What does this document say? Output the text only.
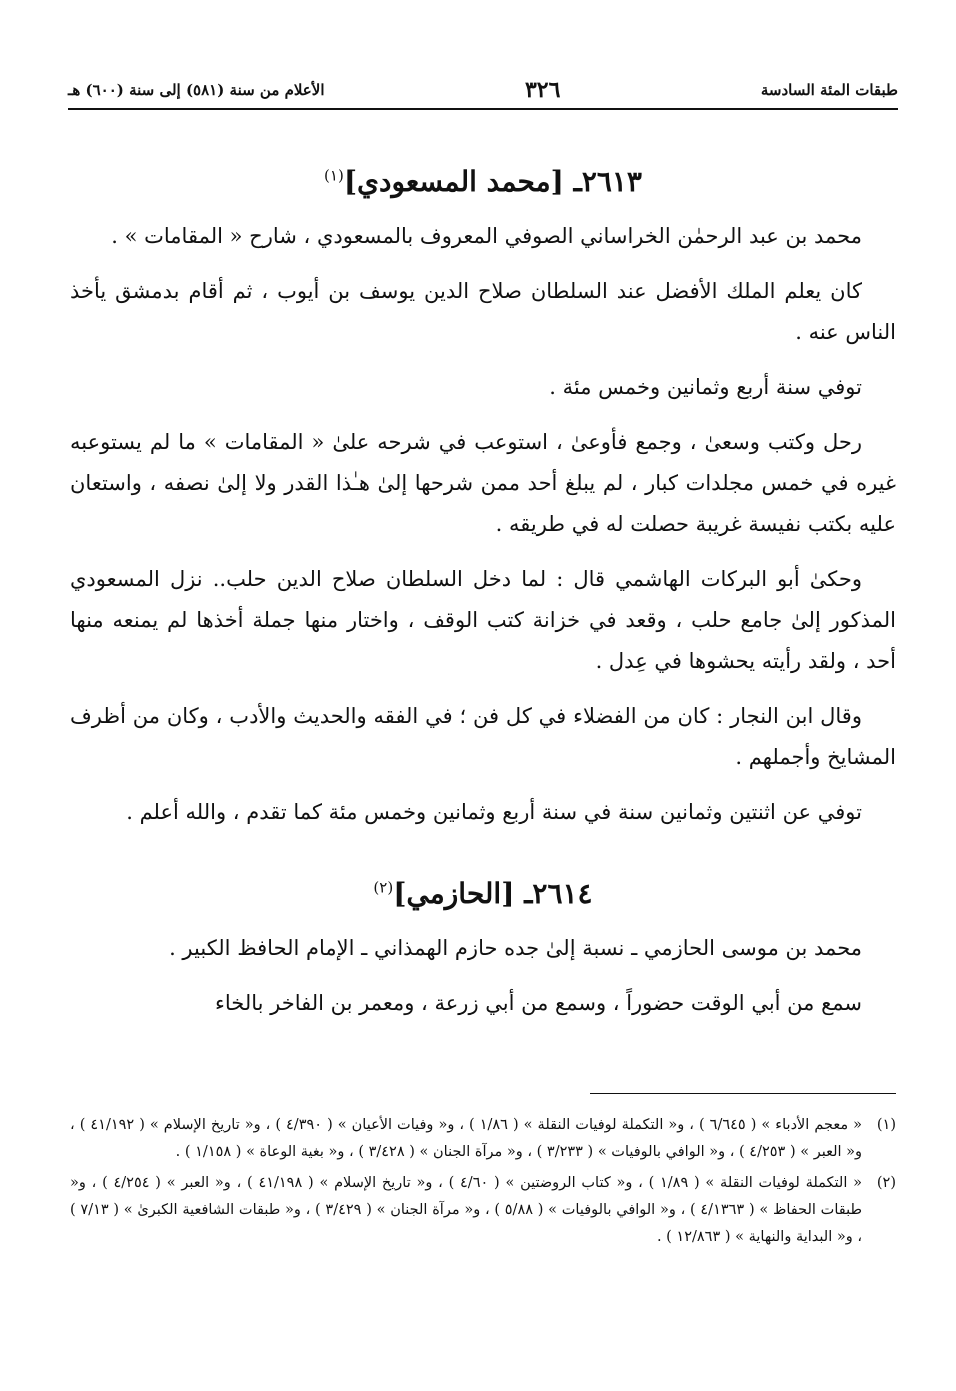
طبقات المئة السادسة
٣٢٦
الأعلام من سنة (٥٨١) إلى سنة (٦٠٠) هـ
٢٦١٣ـ [محمد المسعودي]$^{(١)}$

محمد بن عبد الرحمٰن الخراساني الصوفي المعروف بالمسعودي ، شارح « المقامات » .

كان يعلم الملك الأفضل عند السلطان صلاح الدين يوسف بن أيوب ، ثم أقام بدمشق يأخذ الناس عنه .

توفي سنة أربع وثمانين وخمس مئة .

رحل وكتب وسعىٰ ، وجمع فأوعىٰ ، استوعب في شرحه علىٰ « المقامات » ما لم يستوعبه غيره في خمس مجلدات كبار ، لم يبلغ أحد ممن شرحها إلىٰ هـٰذا القدر ولا إلىٰ نصفه ، واستعان عليه بكتب نفيسة غريبة حصلت له في طريقه .

وحكىٰ أبو البركات الهاشمي قال : لما دخل السلطان صلاح الدين حلب.. نزل المسعودي المذكور إلىٰ جامع حلب ، وقعد في خزانة كتب الوقف ، واختار منها جملة أخذها لم يمنعه منها أحد ، ولقد رأيته يحشوها في عِدل .

وقال ابن النجار : كان من الفضلاء في كل فن ؛ في الفقه والحديث والأدب ، وكان من أظرف المشايخ وأجملهم .

توفي عن اثنتين وثمانين سنة في سنة أربع وثمانين وخمس مئة كما تقدم ، والله أعلم .

٢٦١٤ـ [الحازمي]$^{(٢)}$

محمد بن موسى الحازمي ـ نسبة إلىٰ جده حازم الهمذاني ـ الإمام الحافظ الكبير .

سمع من أبي الوقت حضوراً ، وسمع من أبي زرعة ، ومعمر بن الفاخر بالخاء

(١)
« معجم الأدباء » ( ٦/٦٤٥ ) ، و« التكملة لوفيات النقلة » ( ١/٨٦ ) ، و« وفيات الأعيان » ( ٤/٣٩٠ ) ، و« تاريخ الإسلام » ( ٤١/١٩٢ ) ، و« العبر » ( ٤/٢٥٣ ) ، و« الوافي بالوفيات » ( ٣/٢٣٣ ) ، و« مرآة الجنان » ( ٣/٤٢٨ ) ، و« بغية الوعاة » ( ١/١٥٨ ) .
(٢)
« التكملة لوفيات النقلة » ( ١/٨٩ ) ، و« كتاب الروضتين » ( ٤/٦٠ ) ، و« تاريخ الإسلام » ( ٤١/١٩٨ ) ، و« العبر » ( ٤/٢٥٤ ) ، و« طبقات الحفاظ » ( ٤/١٣٦٣ ) ، و« الوافي بالوفيات » ( ٥/٨٨ ) ، و« مرآة الجنان » ( ٣/٤٢٩ ) ، و« طبقات الشافعية الكبرىٰ » ( ٧/١٣ ) ، و« البداية والنهاية » ( ١٢/٨٦٣ ) .
